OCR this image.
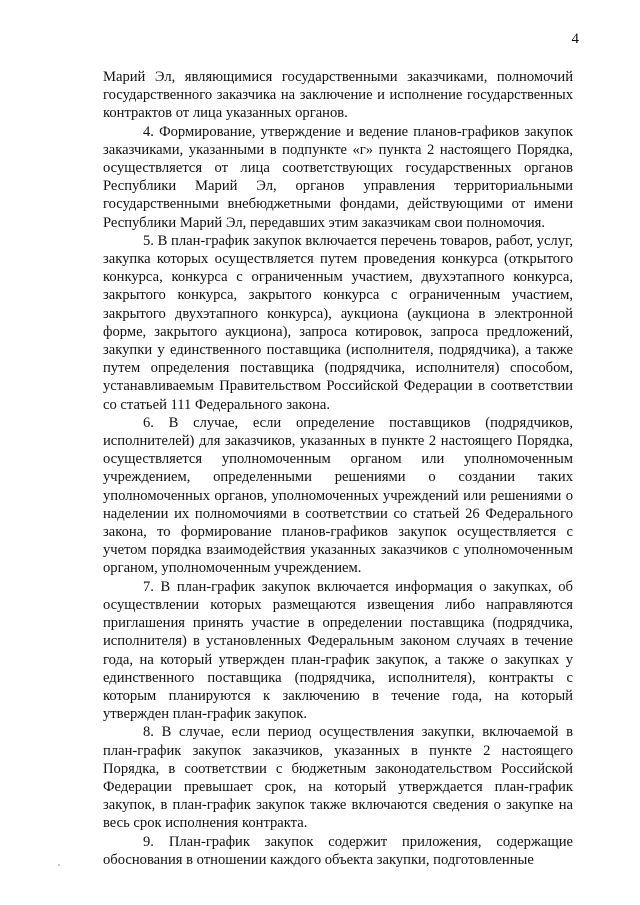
4

Марий Эл, являющимися государственными заказчиками, полномочий государственного заказчика на заключение и исполнение государственных контрактов от лица указанных органов.

4. Формирование, утверждение и ведение планов-графиков закупок заказчиками, указанными в подпункте «г» пункта 2 настоящего Порядка, осуществляется от лица соответствующих государственных органов Республики Марий Эл, органов управления территориальными государственными внебюджетными фондами, действующими от имени Республики Марий Эл, передавших этим заказчикам свои полномочия.

5. В план-график закупок включается перечень товаров, работ, услуг, закупка которых осуществляется путем проведения конкурса (открытого конкурса, конкурса с ограниченным участием, двухэтапного конкурса, закрытого конкурса, закрытого конкурса с ограниченным участием, закрытого двухэтапного конкурса), аукциона (аукциона в электронной форме, закрытого аукциона), запроса котировок, запроса предложений, закупки у единственного поставщика (исполнителя, подрядчика), а также путем определения поставщика (подрядчика, исполнителя) способом, устанавливаемым Правительством Российской Федерации в соответствии со статьей 111 Федерального закона.

6. В случае, если определение поставщиков (подрядчиков, исполнителей) для заказчиков, указанных в пункте 2 настоящего Порядка, осуществляется уполномоченным органом или уполномоченным учреждением, определенными решениями о создании таких уполномоченных органов, уполномоченных учреждений или решениями о наделении их полномочиями в соответствии со статьей 26 Федерального закона, то формирование планов-графиков закупок осуществляется с учетом порядка взаимодействия указанных заказчиков с уполномоченным органом, уполномоченным учреждением.

7. В план-график закупок включается информация о закупках, об осуществлении которых размещаются извещения либо направляются приглашения принять участие в определении поставщика (подрядчика, исполнителя) в установленных Федеральным законом случаях в течение года, на который утвержден план-график закупок, а также о закупках у единственного поставщика (подрядчика, исполнителя), контракты с которым планируются к заключению в течение года, на который утвержден план-график закупок.

8. В случае, если период осуществления закупки, включаемой в план-график закупок заказчиков, указанных в пункте 2 настоящего Порядка, в соответствии с бюджетным законодательством Российской Федерации превышает срок, на который утверждается план-график закупок, в план-график закупок также включаются сведения о закупке на весь срок исполнения контракта.

9. План-график закупок содержит приложения, содержащие обоснования в отношении каждого объекта закупки, подготовленные
